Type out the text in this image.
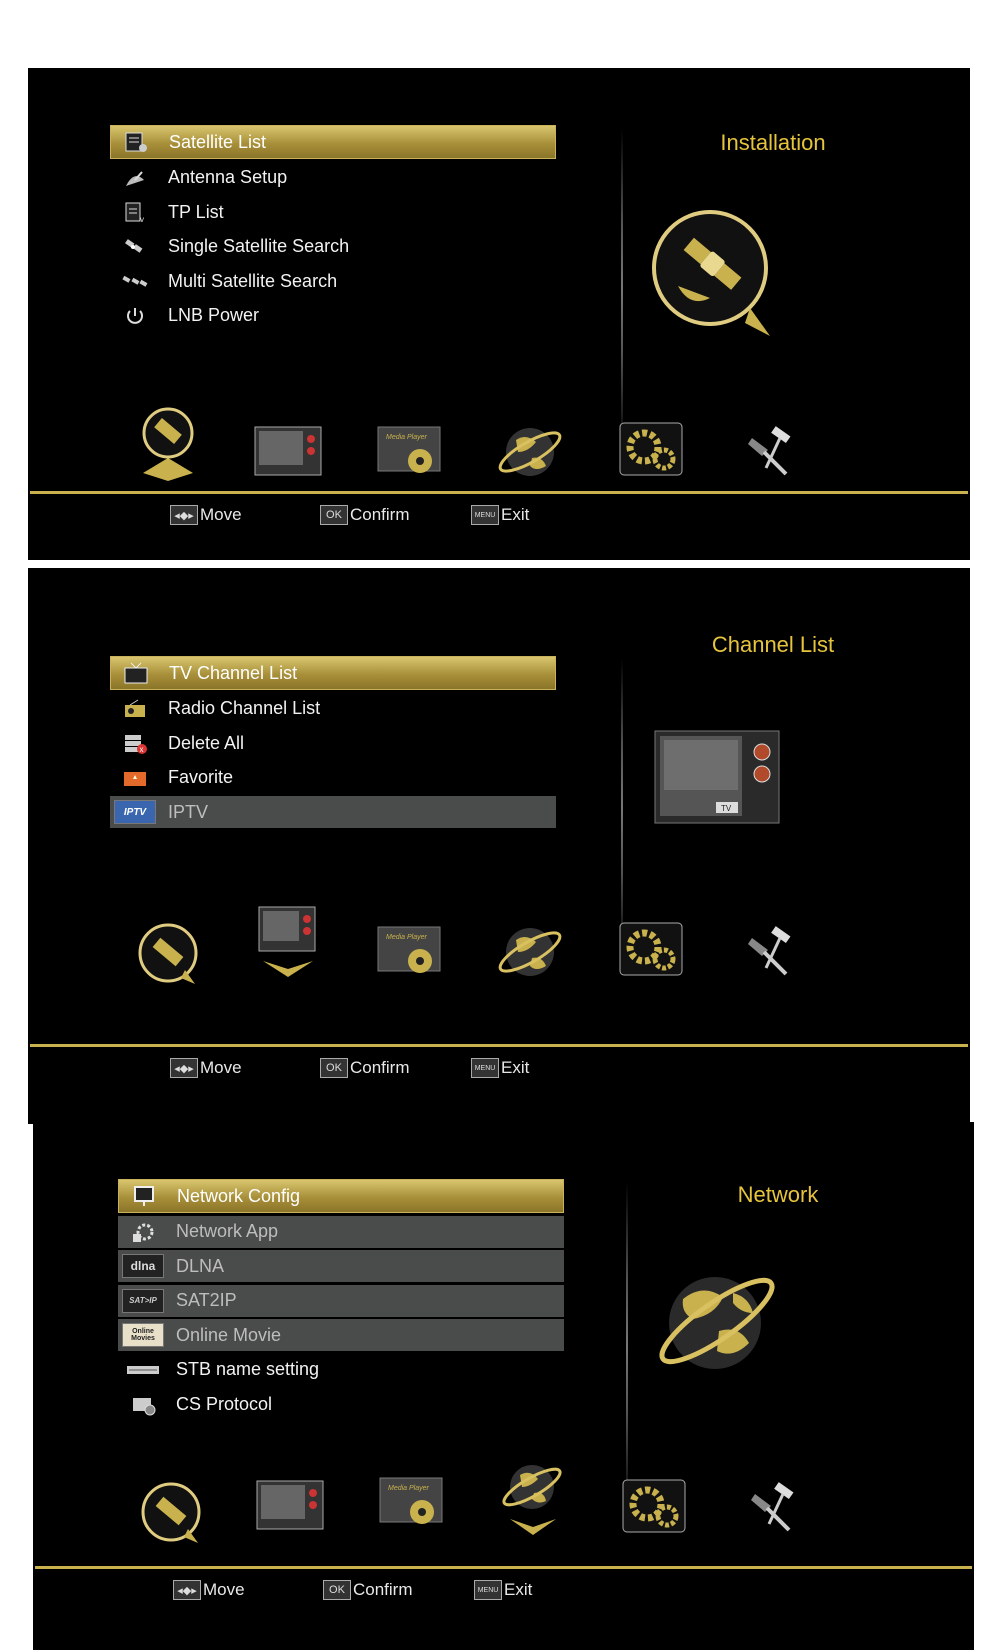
Satellite List
Antenna Setup
v TP List
Single Satellite Search
Multi Satellite Search
LNB Power
Installation
Media Player
◂◆▸ Move	OK Confirm	MENU Exit
TV Channel List
Radio Channel List
x Delete All
Favorite
IPTV IPTV
Channel List
TV
Media Player
◂◆▸ Move	OK Confirm	MENU Exit
Network Config
Network App
dlna DLNA
SAT>IP SAT2IP
Online Movies	Online Movie
STB name setting
CS Protocol
Network
Media Player
◂◆▸ Move	OK Confirm	MENU Exit
